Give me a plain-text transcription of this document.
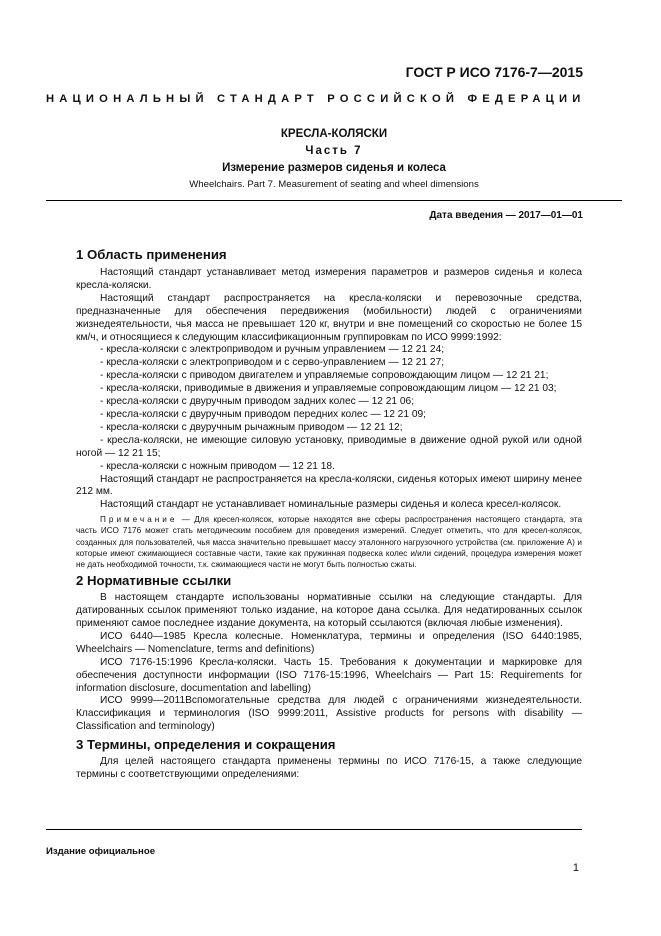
ГОСТ Р ИСО 7176-7—2015
НАЦИОНАЛЬНЫЙ СТАНДАРТ РОССИЙСКОЙ ФЕДЕРАЦИИ
КРЕСЛА-КОЛЯСКИ
Часть 7
Измерение размеров сиденья и колеса
Wheelchairs. Part 7. Measurement of seating and wheel dimensions
Дата введения — 2017—01—01
1 Область применения

Настоящий стандарт устанавливает метод измерения параметров и размеров сиденья и колеса кресла-коляски.

Настоящий стандарт распространяется на кресла-коляски и перевозочные средства, предназначенные для обеспечения передвижения (мобильности) людей с ограничениями жизнедеятельности, чья масса не превышает 120 кг, внутри и вне помещений со скоростью не более 15 км/ч, и относящиеся к следующим классификационным группировкам по ИСО 9999:1992:

- кресла-коляски с электроприводом и ручным управлением — 12 21 24;

- кресла-коляски с электроприводом и с серво-управлением — 12 21 27;

- кресла-коляски с приводом двигателем и управляемые сопровождающим лицом — 12 21 21;

- кресла-коляски, приводимые в движения и управляемые сопровождающим лицом — 12 21 03;

- кресла-коляски с двуручным приводом задних колес — 12 21 06;

- кресла-коляски с двуручным приводом передних колес — 12 21 09;

- кресла-коляски с двуручным рычажным приводом — 12 21 12;

- кресла-коляски, не имеющие силовую установку, приводимые в движение одной рукой или одной ногой — 12 21 15;

- кресла-коляски с ножным приводом — 12 21 18.

Настоящий стандарт не распространяется на кресла-коляски, сиденья которых имеют ширину менее 212 мм.

Настоящий стандарт не устанавливает номинальные размеры сиденья и колеса кресел-колясок.

Примечание — Для кресел-колясок, которые находятся вне сферы распространения настоящего стандарта, эта часть ИСО 7176 может стать методическим пособием для проведения измерений. Следует отметить, что для кресел-колясок, созданных для пользователей, чья масса значительно превышает массу эталонного нагрузочного устройства (см. приложение А) и которые имеют сжимающиеся составные части, такие как пружинная подвеска колес и/или сидений, процедура измерения может не дать необходимой точности, т.к. сжимающиеся части не могут быть полностью сжаты.

2 Нормативные ссылки

В настоящем стандарте использованы нормативные ссылки на следующие стандарты. Для датированных ссылок применяют только издание, на которое дана ссылка. Для недатированных ссылок применяют самое последнее издание документа, на который ссылаются (включая любые изменения).

ИСО 6440—1985 Кресла колесные. Номенклатура, термины и определения (ISO 6440:1985, Wheelchairs — Nomenclature, terms and definitions)

ИСО 7176-15:1996 Кресла-коляски. Часть 15. Требования к документации и маркировке для обеспечения доступности информации (ISO 7176-15:1996, Wheelchairs — Part 15: Requirements for information disclosure, documentation and labelling)

ИСО 9999—2011Вспомогательные средства для людей с ограничениями жизнедеятельности. Классификация и терминология (ISO 9999:2011, Assistive products for persons with disability — Classification and terminology)

3 Термины, определения и сокращения

Для целей настоящего стандарта применены термины по ИСО 7176-15, а также следующие термины с соответствующими определениями:

Издание официальное
1
